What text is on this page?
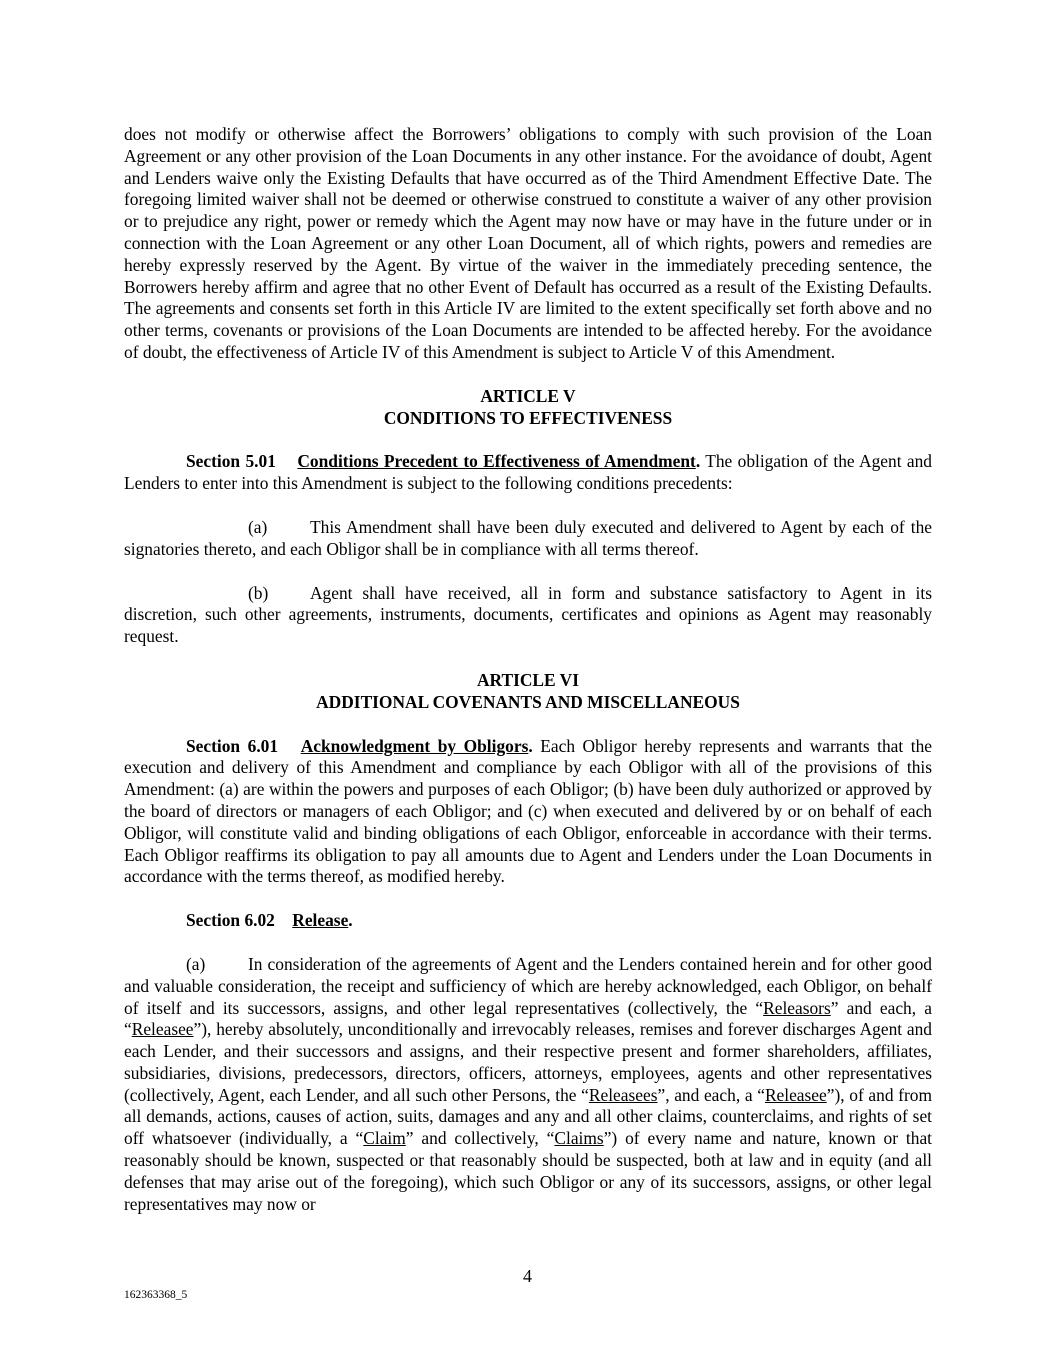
does not modify or otherwise affect the Borrowers’ obligations to comply with such provision of the Loan Agreement or any other provision of the Loan Documents in any other instance. For the avoidance of doubt, Agent and Lenders waive only the Existing Defaults that have occurred as of the Third Amendment Effective Date. The foregoing limited waiver shall not be deemed or otherwise construed to constitute a waiver of any other provision or to prejudice any right, power or remedy which the Agent may now have or may have in the future under or in connection with the Loan Agreement or any other Loan Document, all of which rights, powers and remedies are hereby expressly reserved by the Agent. By virtue of the waiver in the immediately preceding sentence, the Borrowers hereby affirm and agree that no other Event of Default has occurred as a result of the Existing Defaults. The agreements and consents set forth in this Article IV are limited to the extent specifically set forth above and no other terms, covenants or provisions of the Loan Documents are intended to be affected hereby. For the avoidance of doubt, the effectiveness of Article IV of this Amendment is subject to Article V of this Amendment.

ARTICLE V
CONDITIONS TO EFFECTIVENESS

Section 5.01 Conditions Precedent to Effectiveness of Amendment. The obligation of the Agent and Lenders to enter into this Amendment is subject to the following conditions precedents:

(a) This Amendment shall have been duly executed and delivered to Agent by each of the signatories thereto, and each Obligor shall be in compliance with all terms thereof.

(b) Agent shall have received, all in form and substance satisfactory to Agent in its discretion, such other agreements, instruments, documents, certificates and opinions as Agent may reasonably request.

ARTICLE VI
ADDITIONAL COVENANTS AND MISCELLANEOUS

Section 6.01 Acknowledgment by Obligors. Each Obligor hereby represents and warrants that the execution and delivery of this Amendment and compliance by each Obligor with all of the provisions of this Amendment: (a) are within the powers and purposes of each Obligor; (b) have been duly authorized or approved by the board of directors or managers of each Obligor; and (c) when executed and delivered by or on behalf of each Obligor, will constitute valid and binding obligations of each Obligor, enforceable in accordance with their terms. Each Obligor reaffirms its obligation to pay all amounts due to Agent and Lenders under the Loan Documents in accordance with the terms thereof, as modified hereby.

Section 6.02 Release.

(a) In consideration of the agreements of Agent and the Lenders contained herein and for other good and valuable consideration, the receipt and sufficiency of which are hereby acknowledged, each Obligor, on behalf of itself and its successors, assigns, and other legal representatives (collectively, the “Releasors” and each, a “Releasee”), hereby absolutely, unconditionally and irrevocably releases, remises and forever discharges Agent and each Lender, and their successors and assigns, and their respective present and former shareholders, affiliates, subsidiaries, divisions, predecessors, directors, officers, attorneys, employees, agents and other representatives (collectively, Agent, each Lender, and all such other Persons, the “Releasees”, and each, a “Releasee”), of and from all demands, actions, causes of action, suits, damages and any and all other claims, counterclaims, and rights of set off whatsoever (individually, a “Claim” and collectively, “Claims”) of every name and nature, known or that reasonably should be known, suspected or that reasonably should be suspected, both at law and in equity (and all defenses that may arise out of the foregoing), which such Obligor or any of its successors, assigns, or other legal representatives may now or

4
162363368_5
